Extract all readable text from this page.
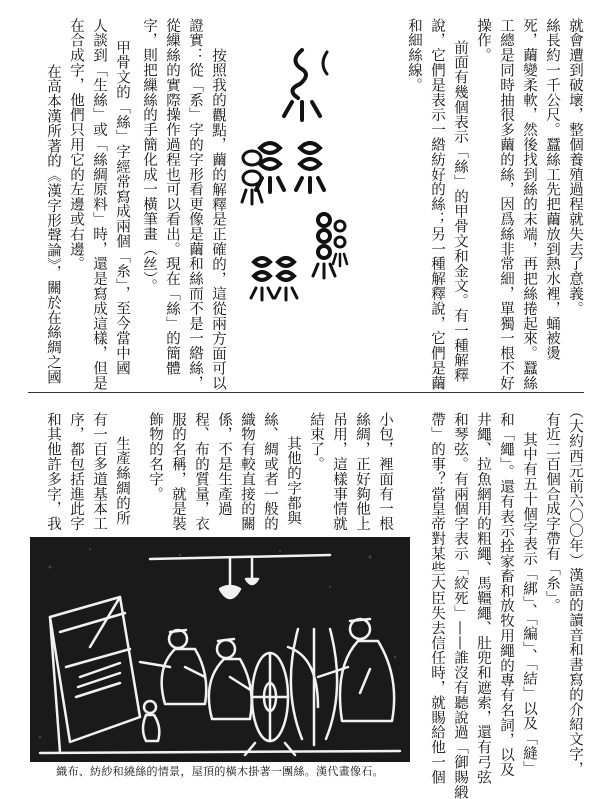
就會遭到破壞，整個養殖過程就失去了意義。
絲長約一千公尺。蠶絲工先把繭放到熱水裡，蛹被燙
死，繭變柔軟，然後找到絲的末端，再把絲捲起來。蠶絲
工總是同時抽很多繭的絲，因爲絲非常細，單獨一根不好
操作。
前面有幾個表示「絲」的甲骨文和金文。有一種解釋
說，它們是表示一綹紡好的絲；另一種解釋說，它們是繭
和細絲線。
按照我的觀點，繭的解釋是正確的，這從兩方面可以
證實：從「系」字的字形看更像是繭和絲而不是一綹絲，
從繅絲的實際操作過程也可以看出。現在「絲」的簡體
字，則把繅絲的手簡化成一橫筆畫（丝）。
甲骨文的「絲」字經常寫成兩個「糸」，至今當中國
人談到「生絲」或「絲綢原料」時，還是寫成這樣，但是
在合成字，他們只用它的左邊或右邊。
在高本漢所著的《漢字形聲論》，關於在絲綢之國
（大約西元前六〇〇年）漢語的讀音和書寫的介紹文字，
有近二百個合成字帶有「糸」。
其中有五十個字表示「綁」、「編」、「結」以及「縫」
和「繩」。還有表示拴家畜和放牧用繩的專有名詞，以及
井繩、拉魚網用的粗繩、馬韁繩、肚兜和遮索，還有弓弦
和琴弦。有兩個字表示「絞死」——誰沒有聽說過「御賜緞
帶」的事？當皇帝對某些大臣失去信任時，就賜給他一個
小包，裡面有一根
絲綢，正好夠他上
吊用，這樣事情就
結束了。
其他的字都與
絲、綢或者一般的
織物有較直接的關
係，不是生產過
程、布的質量，衣
服的名稱，就是裝
飾物的名字。
生產絲綢的所
有一百多道基本工
序，都包括進此字
和其他許多字，我
織布、紡紗和繞絲的情景，屋頂的橫木掛著一團絲。漢代畫像石。
